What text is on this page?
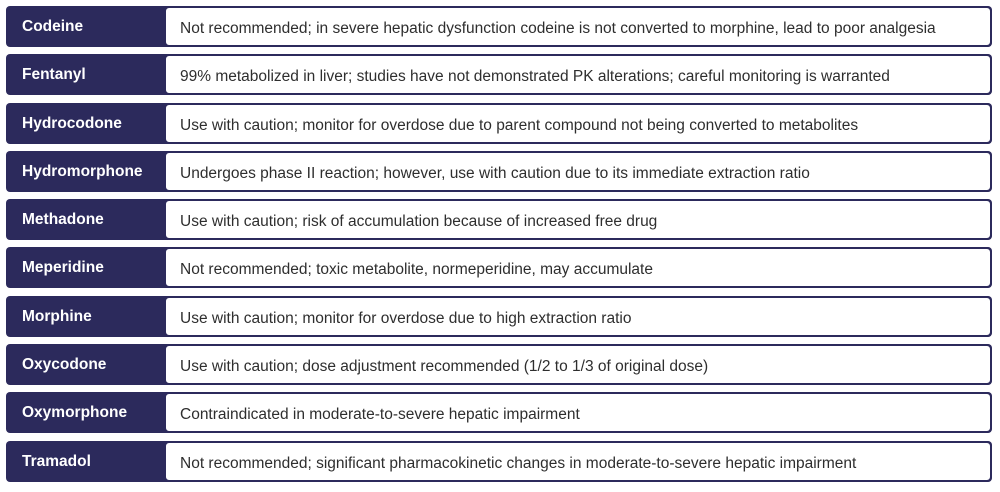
Codeine	Not recommended; in severe hepatic dysfunction codeine is not converted to morphine, lead to poor analgesia
Fentanyl	99% metabolized in liver; studies have not demonstrated PK alterations; careful monitoring is warranted
Hydrocodone	Use with caution; monitor for overdose due to parent compound not being converted to metabolites
Hydromorphone	Undergoes phase II reaction; however, use with caution due to its immediate extraction ratio
Methadone	Use with caution; risk of accumulation because of increased free drug
Meperidine	Not recommended; toxic metabolite, normeperidine, may accumulate
Morphine	Use with caution; monitor for overdose due to high extraction ratio
Oxycodone	Use with caution; dose adjustment recommended (1/2 to 1/3 of original dose)
Oxymorphone	Contraindicated in moderate-to-severe hepatic impairment
Tramadol	Not recommended; significant pharmacokinetic changes in moderate-to-severe hepatic impairment
